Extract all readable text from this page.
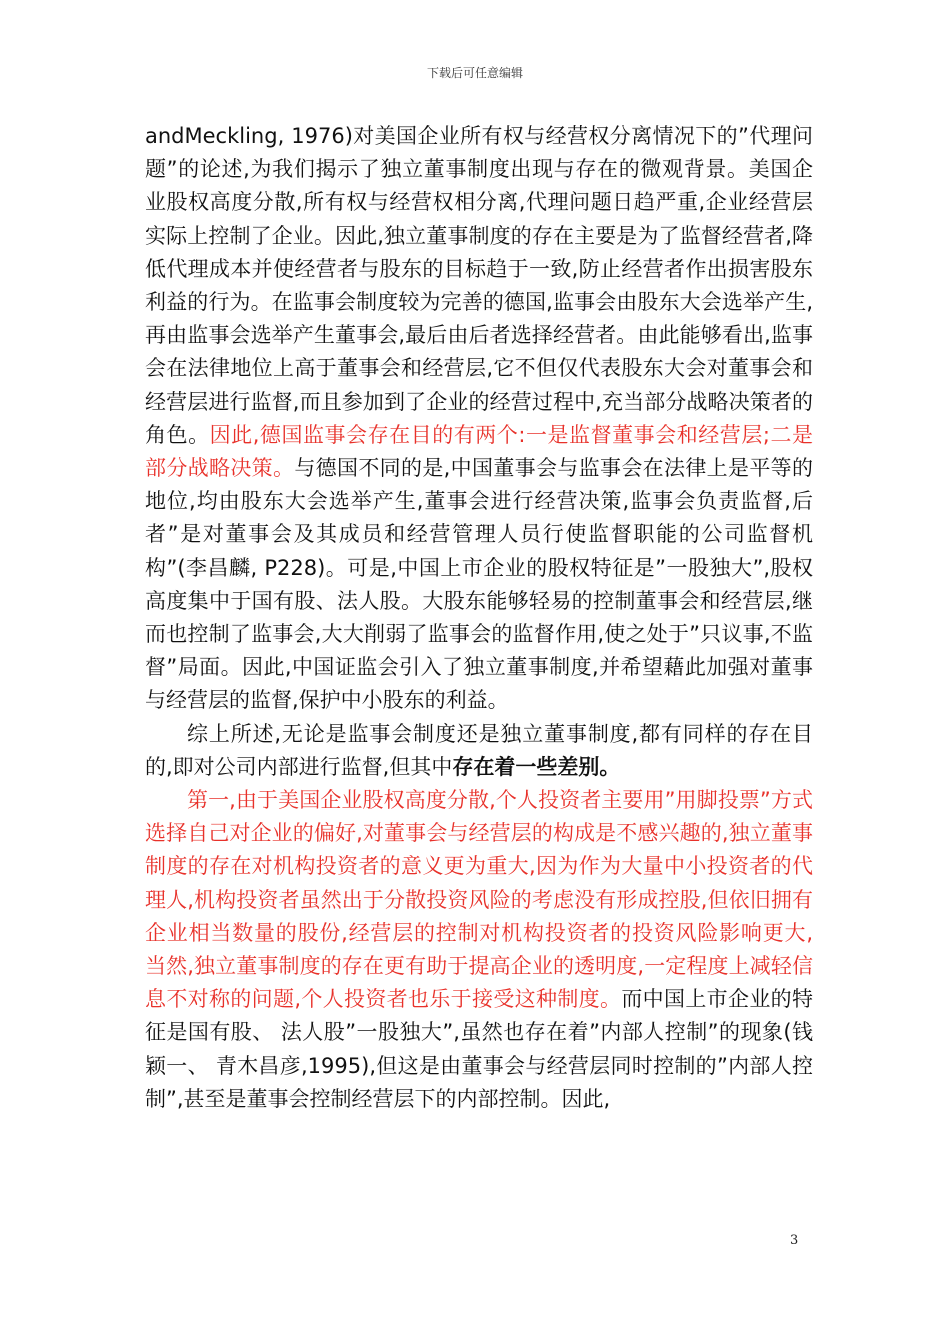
下载后可任意编辑

andMeckling, 1976)对美国企业所有权与经营权分离情况下的”代理问题”的论述,为我们揭示了独立董事制度出现与存在的微观背景。美国企业股权高度分散,所有权与经营权相分离,代理问题日趋严重,企业经营层实际上控制了企业。因此,独立董事制度的存在主要是为了监督经营者,降低代理成本并使经营者与股东的目标趋于一致,防止经营者作出损害股东利益的行为。在监事会制度较为完善的德国,监事会由股东大会选举产生,再由监事会选举产生董事会,最后由后者选择经营者。由此能够看出,监事会在法律地位上高于董事会和经营层,它不但仅代表股东大会对董事会和经营层进行监督,而且参加到了企业的经营过程中,充当部分战略决策者的角色。因此,德国监事会存在目的有两个:一是监督董事会和经营层;二是部分战略决策。与德国不同的是,中国董事会与监事会在法律上是平等的地位,均由股东大会选举产生,董事会进行经营决策,监事会负责监督,后者”是对董事会及其成员和经营管理人员行使监督职能的公司监督机构”(李昌麟, P228)。可是,中国上市企业的股权特征是”一股独大”,股权高度集中于国有股、法人股。大股东能够轻易的控制董事会和经营层,继而也控制了监事会,大大削弱了监事会的监督作用,使之处于”只议事,不监督”局面。因此,中国证监会引入了独立董事制度,并希望藉此加强对董事与经营层的监督,保护中小股东的利益。

综上所述,无论是监事会制度还是独立董事制度,都有同样的存在目的,即对公司内部进行监督,但其中存在着一些差别。

第一,由于美国企业股权高度分散,个人投资者主要用”用脚投票”方式选择自己对企业的偏好,对董事会与经营层的构成是不感兴趣的,独立董事制度的存在对机构投资者的意义更为重大,因为作为大量中小投资者的代理人,机构投资者虽然出于分散投资风险的考虑没有形成控股,但依旧拥有企业相当数量的股份,经营层的控制对机构投资者的投资风险影响更大, 当然,独立董事制度的存在更有助于提高企业的透明度,一定程度上减轻信息不对称的问题,个人投资者也乐于接受这种制度。而中国上市企业的特征是国有股、 法人股”一股独大”,虽然也存在着”内部人控制”的现象(钱颖一、 青木昌彦,1995),但这是由董事会与经营层同时控制的”内部人控制”,甚至是董事会控制经营层下的内部控制。因此,

3
